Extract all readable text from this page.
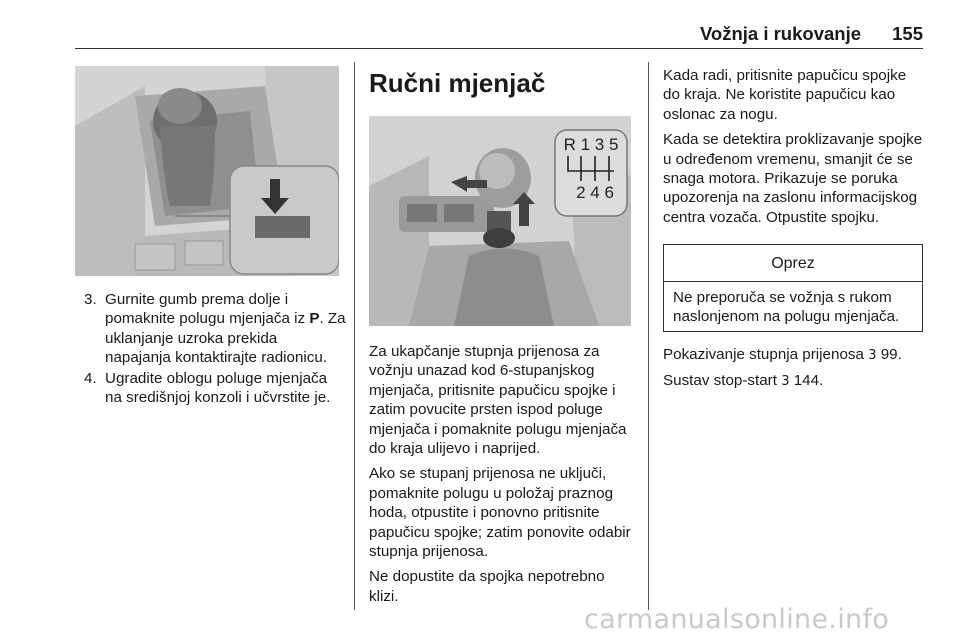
Vožnja i rukovanje 155
3. Gurnite gumb prema dolje i pomaknite polugu mjenjača iz P. Za uklanjanje uzroka prekida napajanja kontaktirajte radionicu.
4. Ugradite oblogu poluge mjenjača na središnjoj konzoli i učvrstite je.
Ručni mjenjač
R 1 3 5
2 4 6

Za ukapčanje stupnja prijenosa za vožnju unazad kod 6-stupanjskog mjenjača, pritisnite papučicu spojke i zatim povucite prsten ispod poluge mjenjača i pomaknite polugu mjenjača do kraja ulijevo i naprijed.

Ako se stupanj prijenosa ne uključi, pomaknite polugu u položaj praznog hoda, otpustite i ponovno pritisnite papučicu spojke; zatim ponovite odabir stupnja prijenosa.

Ne dopustite da spojka nepotrebno klizi.

Kada radi, pritisnite papučicu spojke do kraja. Ne koristite papučicu kao oslonac za nogu.

Kada se detektira proklizavanje spojke u određenom vremenu, smanjit će se snaga motora. Prikazuje se poruka upozorenja na zaslonu informacijskog centra vozača. Otpustite spojku.

Oprez
Ne preporuča se vožnja s rukom naslonjenom na polugu mjenjača.

Pokazivanje stupnja prijenosa 3 99.

Sustav stop-start 3 144.

carmanualsonline.info
